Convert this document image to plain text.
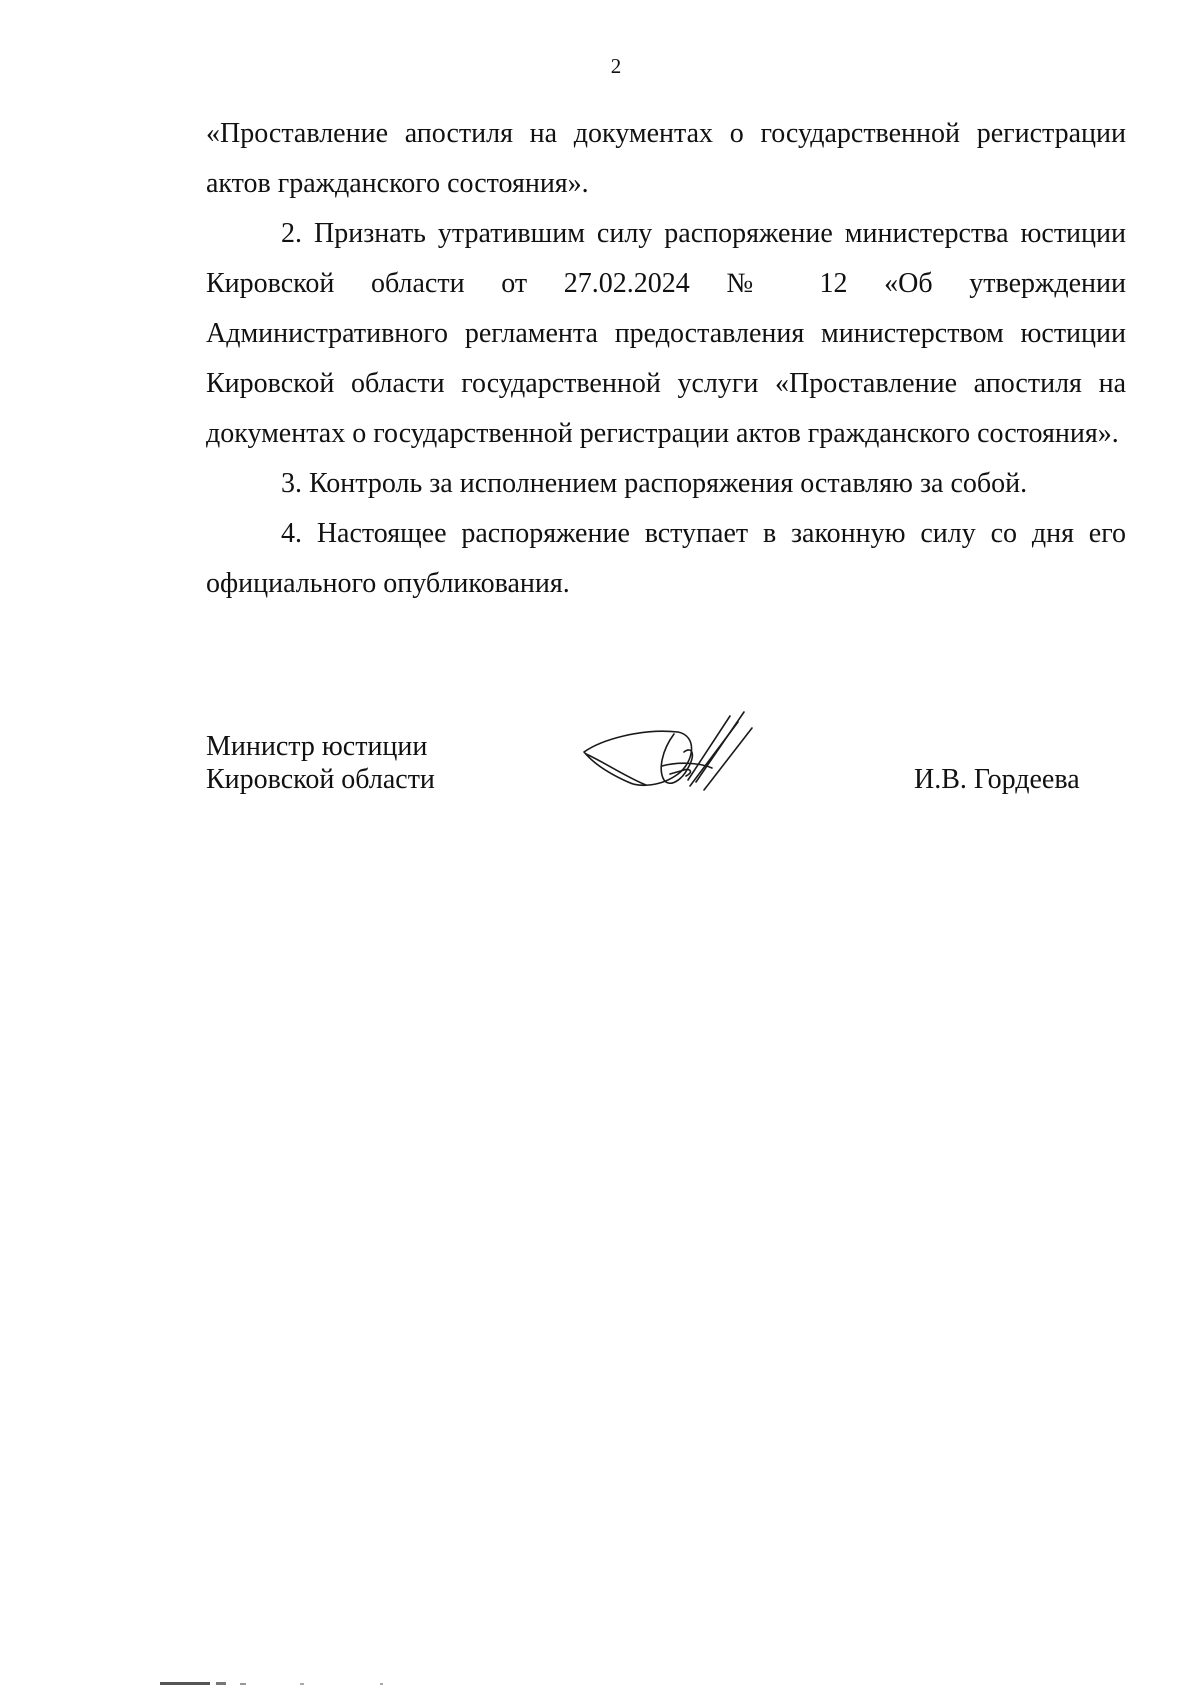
2

«Проставление апостиля на документах о государственной регистрации актов гражданского состояния».

2. Признать утратившим силу распоряжение министерства юстиции Кировской области от 27.02.2024 № 12 «Об утверждении Административного регламента предоставления министерством юстиции Кировской области государственной услуги «Проставление апостиля на документах о государственной регистрации актов гражданского состояния».

3. Контроль за исполнением распоряжения оставляю за собой.

4. Настоящее распоряжение вступает в законную силу со дня его официального опубликования.

Министр юстиции
Кировской области	И.В. Гордеева
